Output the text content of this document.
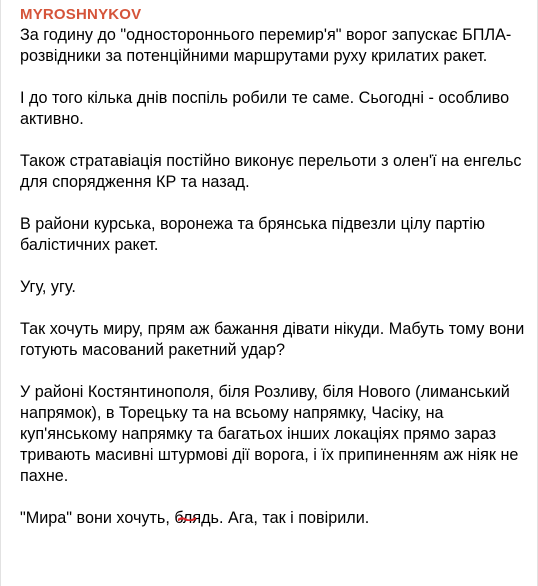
MYROSHNYKOV

За годину до "одностороннього перемир'я" ворог запускає БПЛА-розвідники за потенційними маршрутами руху крилатих ракет.

І до того кілька днів поспіль робили те саме. Сьогодні - особливо активно.

Також стратавіація постійно виконує перельоти з олен'ї на енгельс для спорядження КР та назад.

В райони курська, воронежа та брянська підвезли цілу партію балістичних ракет.

Угу, угу.

Так хочуть миру, прям аж бажання дівати нікуди. Мабуть тому вони готують масований ракетний удар?

У районі Костянтинополя, біля Розливу, біля Нового (лиманський напрямок), в Торецьку та на всьому напрямку, Часіку, на куп'янському напрямку та багатьох інших локаціях прямо зараз тривають масивні штурмові дії ворога, і їх припиненням аж ніяк не пахне.

"Мира" вони хочуть, блядь
. Ага, так і повірили.
